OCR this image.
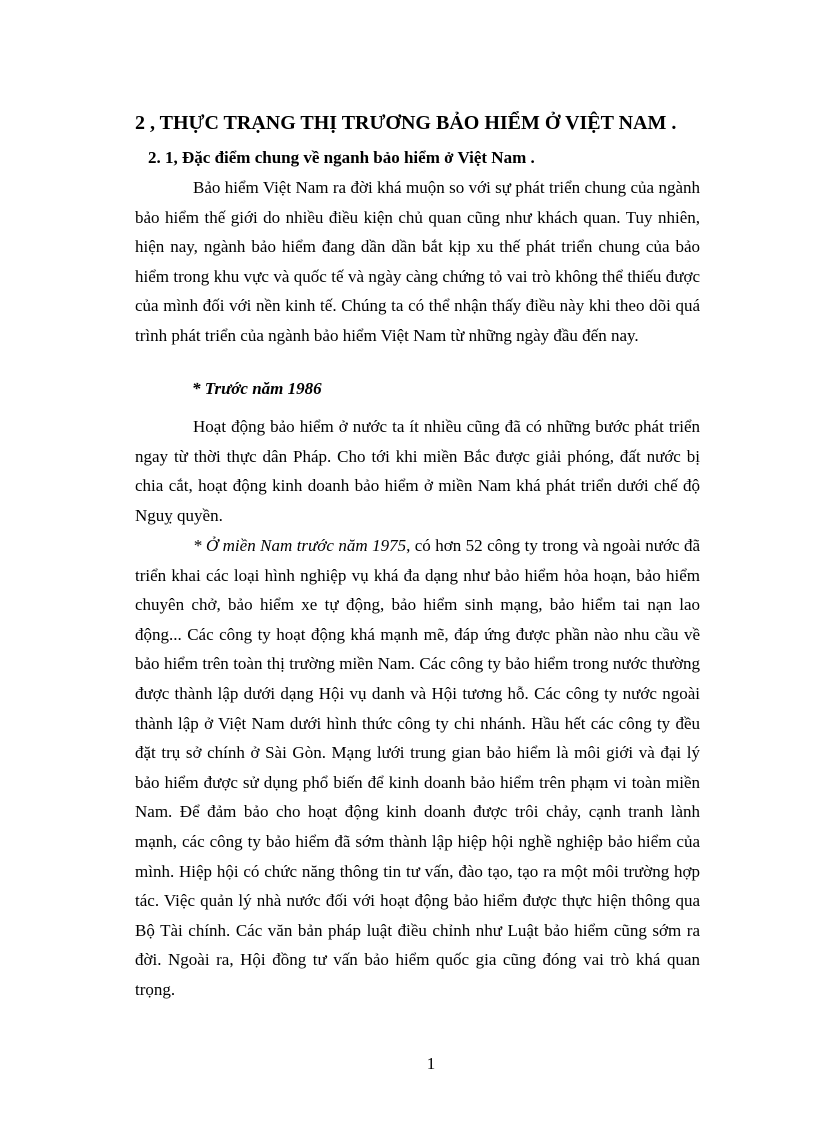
2 , THỰC TRẠNG THỊ TRƯƠNG BẢO HIỂM Ở VIỆT NAM .
2. 1, Đặc điểm chung về nganh bảo hiểm ở Việt Nam .

Bảo hiểm Việt Nam ra đời khá muộn so với sự phát triển chung của ngành bảo hiểm thế giới do nhiều điều kiện chủ quan cũng như khách quan. Tuy nhiên, hiện nay, ngành bảo hiểm đang dần dần bắt kịp xu thế phát triển chung của bảo hiểm trong khu vực và quốc tế và ngày càng chứng tỏ vai trò không thể thiếu được của mình đối với nền kinh tế. Chúng ta có thể nhận thấy điều này khi theo dõi quá trình phát triển của ngành bảo hiểm Việt Nam từ những ngày đầu đến nay.

* Trước năm 1986

Hoạt động bảo hiểm ở nước ta ít nhiều cũng đã có những bước phát triển ngay từ thời thực dân Pháp. Cho tới khi miền Bắc được giải phóng, đất nước bị chia cắt, hoạt động kinh doanh bảo hiểm ở miền Nam khá phát triển dưới chế độ Nguỵ quyền.

* Ở miền Nam trước năm 1975, có hơn 52 công ty trong và ngoài nước đã triển khai các loại hình nghiệp vụ khá đa dạng như bảo hiểm hỏa hoạn, bảo hiểm chuyên chở, bảo hiểm xe tự động, bảo hiểm sinh mạng, bảo hiểm tai nạn lao động... Các công ty hoạt động khá mạnh mẽ, đáp ứng được phần nào nhu cầu về bảo hiểm trên toàn thị trường miền Nam. Các công ty bảo hiểm trong nước thường được thành lập dưới dạng Hội vụ danh và Hội tương hỗ. Các công ty nước ngoài thành lập ở Việt Nam dưới hình thức công ty chi nhánh. Hầu hết các công ty đều đặt trụ sở chính ở Sài Gòn. Mạng lưới trung gian bảo hiểm là môi giới và đại lý bảo hiểm được sử dụng phổ biến để kinh doanh bảo hiểm trên phạm vi toàn miền Nam. Để đảm bảo cho hoạt động kinh doanh được trôi chảy, cạnh tranh lành mạnh, các công ty bảo hiểm đã sớm thành lập hiệp hội nghề nghiệp bảo hiểm của mình. Hiệp hội có chức năng thông tin tư vấn, đào tạo, tạo ra một môi trường hợp tác. Việc quản lý nhà nước đối với hoạt động bảo hiểm được thực hiện thông qua Bộ Tài chính. Các văn bản pháp luật điều chỉnh như Luật bảo hiểm cũng sớm ra đời. Ngoài ra, Hội đồng tư vấn bảo hiểm quốc gia cũng đóng vai trò khá quan trọng.

1
